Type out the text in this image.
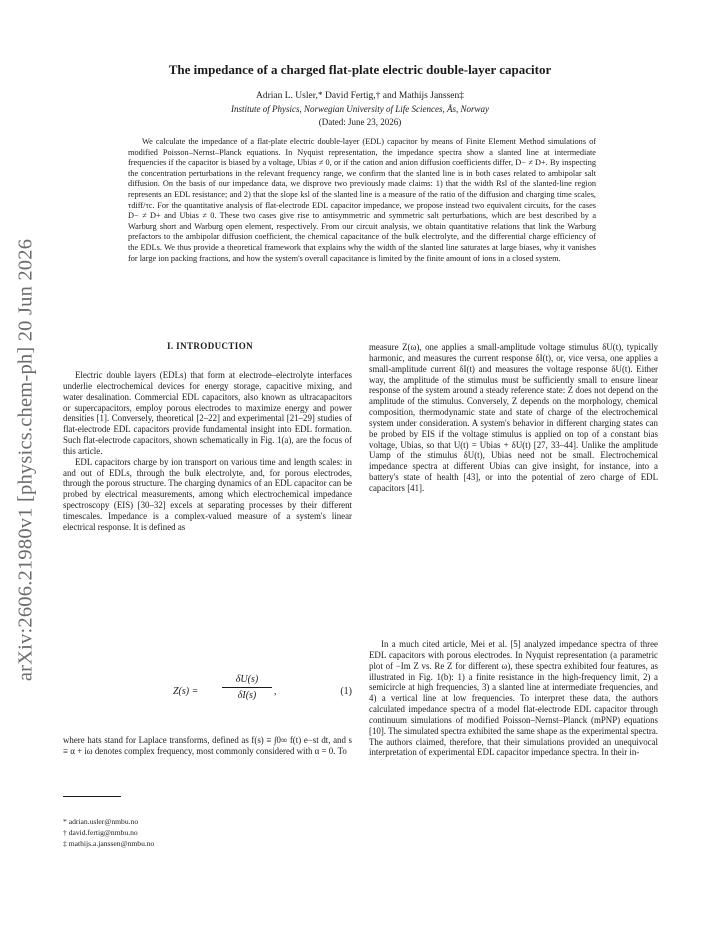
arXiv:2606.21980v1 [physics.chem-ph] 20 Jun 2026
The impedance of a charged flat-plate electric double-layer capacitor
Adrian L. Usler,* David Fertig,† and Mathijs Janssen‡
Institute of Physics, Norwegian University of Life Sciences, Ås, Norway
(Dated: June 23, 2026)
We calculate the impedance of a flat-plate electric double-layer (EDL) capacitor by means of Finite Element Method simulations of modified Poisson–Nernst–Planck equations. In Nyquist representation, the impedance spectra show a slanted line at intermediate frequencies if the capacitor is biased by a voltage, Ubias ≠ 0, or if the cation and anion diffusion coefficients differ, D− ≠ D+. By inspecting the concentration perturbations in the relevant frequency range, we confirm that the slanted line is in both cases related to ambipolar salt diffusion. On the basis of our impedance data, we disprove two previously made claims: 1) that the width Rsl of the slanted-line region represents an EDL resistance; and 2) that the slope ksl of the slanted line is a measure of the ratio of the diffusion and charging time scales, τdiff/τc. For the quantitative analysis of flat-electrode EDL capacitor impedance, we propose instead two equivalent circuits, for the cases D− ≠ D+ and Ubias ≠ 0. These two cases give rise to antisymmetric and symmetric salt perturbations, which are best described by a Warburg short and Warburg open element, respectively. From our circuit analysis, we obtain quantitative relations that link the Warburg prefactors to the ambipolar diffusion coefficient, the chemical capacitance of the bulk electrolyte, and the differential charge efficiency of the EDLs. We thus provide a theoretical framework that explains why the width of the slanted line saturates at large biases, why it vanishes for large ion packing fractions, and how the system's overall capacitance is limited by the finite amount of ions in a closed system.
I. INTRODUCTION

Electric double layers (EDLs) that form at electrode–electrolyte interfaces underlie electrochemical devices for energy storage, capacitive mixing, and water desalination. Commercial EDL capacitors, also known as ultracapacitors or supercapacitors, employ porous electrodes to maximize energy and power densities [1]. Conversely, theoretical [2–22] and experimental [21–29] studies of flat-electrode EDL capacitors provide fundamental insight into EDL formation. Such flat-electrode capacitors, shown schematically in Fig. 1(a), are the focus of this article.

EDL capacitors charge by ion transport on various time and length scales: in and out of EDLs, through the bulk electrolyte, and, for porous electrodes, through the porous structure. The charging dynamics of an EDL capacitor can be probed by electrical measurements, among which electrochemical impedance spectroscopy (EIS) [30–32] excels at separating processes by their different timescales. Impedance is a complex-valued measure of a system's linear electrical response. It is defined as

$Z(s) = \frac{\delta U(s)}{\delta I(s)}$ ,	(1)

where hats stand for Laplace transforms, defined as f(s) ≡ ∫0∞ f(t) e−st dt, and s ≡ α + iω denotes complex frequency, most commonly considered with α = 0. To

* adrian.usler@nmbu.no
† david.fertig@nmbu.no
‡ mathijs.a.janssen@nmbu.no

measure Z(ω), one applies a small-amplitude voltage stimulus δU(t), typically harmonic, and measures the current response δI(t), or, vice versa, one applies a small-amplitude current δI(t) and measures the voltage response δU(t). Either way, the amplitude of the stimulus must be sufficiently small to ensure linear response of the system around a steady reference state: Z does not depend on the amplitude of the stimulus. Conversely, Z depends on the morphology, chemical composition, thermodynamic state and state of charge of the electrochemical system under consideration. A system's behavior in different charging states can be probed by EIS if the voltage stimulus is applied on top of a constant bias voltage, Ubias, so that U(t) = Ubias + δU(t) [27, 33–44]. Unlike the amplitude Uamp of the stimulus δU(t), Ubias need not be small. Electrochemical impedance spectra at different Ubias can give insight, for instance, into a battery's state of health [43], or into the potential of zero charge of EDL capacitors [41].

In a much cited article, Mei et al. [5] analyzed impedance spectra of three EDL capacitors with porous electrodes. In Nyquist representation (a parametric plot of −Im Z vs. Re Z for different ω), these spectra exhibited four features, as illustrated in Fig. 1(b): 1) a finite resistance in the high-frequency limit, 2) a semicircle at high frequencies, 3) a slanted line at intermediate frequencies, and 4) a vertical line at low frequencies. To interpret these data, the authors calculated impedance spectra of a model flat-electrode EDL capacitor through continuum simulations of modified Poisson–Nernst–Planck (mPNP) equations [10]. The simulated spectra exhibited the same shape as the experimental spectra. The authors claimed, therefore, that their simulations provided an unequivocal interpretation of experimental EDL capacitor impedance spectra. In their in-
